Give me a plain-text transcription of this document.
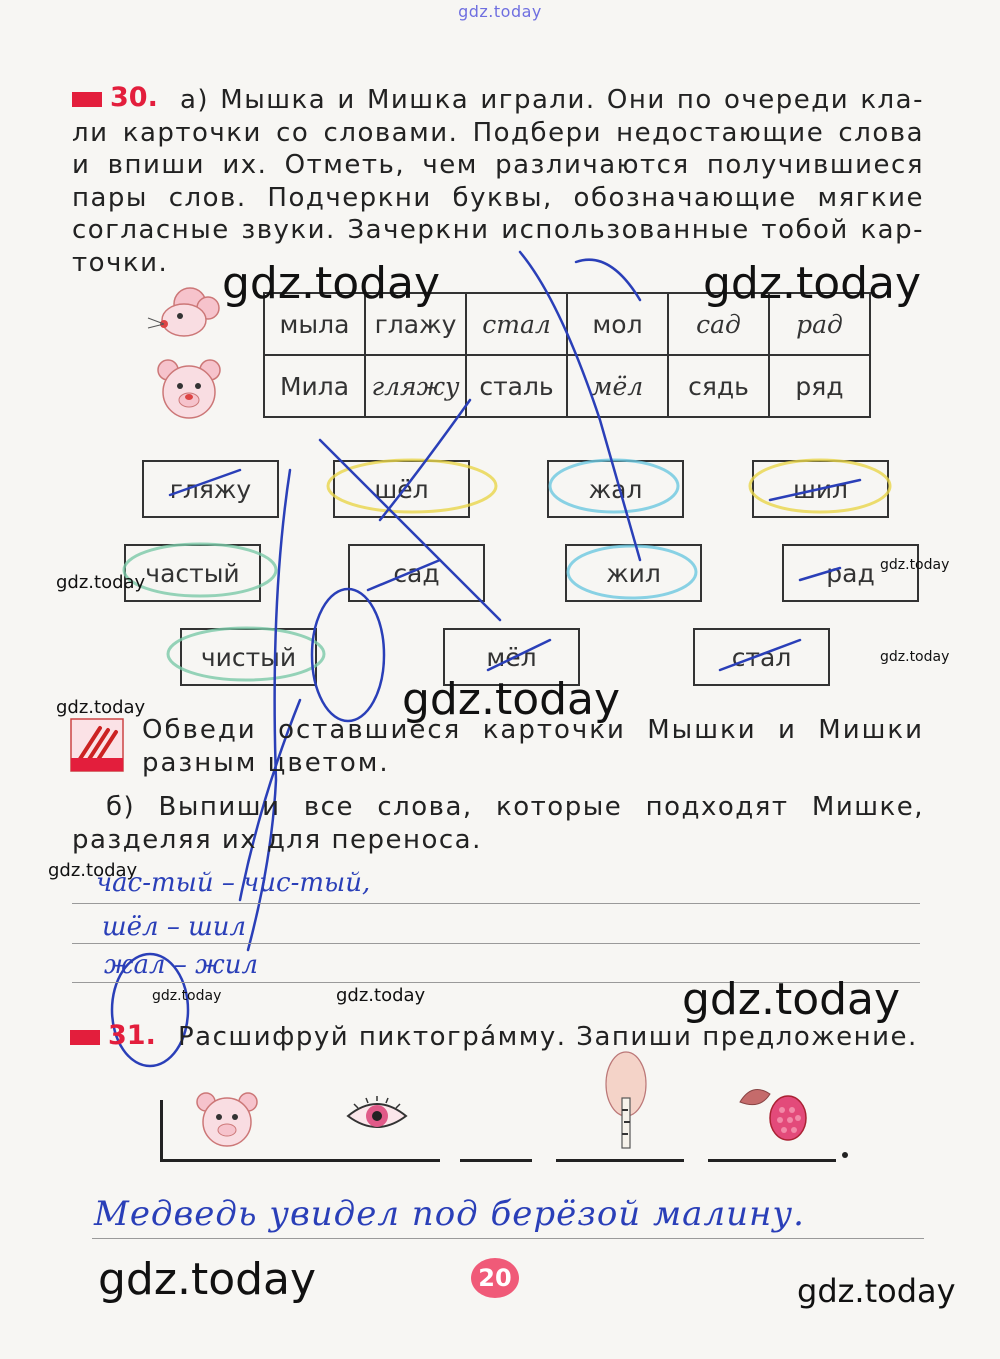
gdz.today
30. а) Мышка и Мишка играли. Они по очереди кла-
ли карточки со словами. Подбери недостающие слова
и впиши их. Отметь, чем различаются получившиеся
пары слов. Подчеркни буквы, обозначающие мягкие
согласные звуки. Зачеркни использованные тобой кар-
точки.
мыла	глажу	стал	мол	сад	рад
Мила	гляжу	сталь	мёл	сядь	ряд
гляжу	шёл	жал	шил
частый	сад	жил	рад
чистый	мёл	стал
Обведи оставшиеся карточки Мышки и Мишки
разным цветом.
б) Выпиши все слова, которые подходят Мишке,
разделяя их для переноса.
час-тый – чис-тый,
шёл – шил
жал – жил
31. Расшифруй пиктогра́мму. Запиши предложение.
Медведь увидел под берёзой малину.
20
gdz.today	gdz.today
gdz.today
gdz.today
gdz.today
gdz.today
gdz.today
gdz.today
gdz.today	gdz.today	gdz.today
gdz.today	gdz.today
